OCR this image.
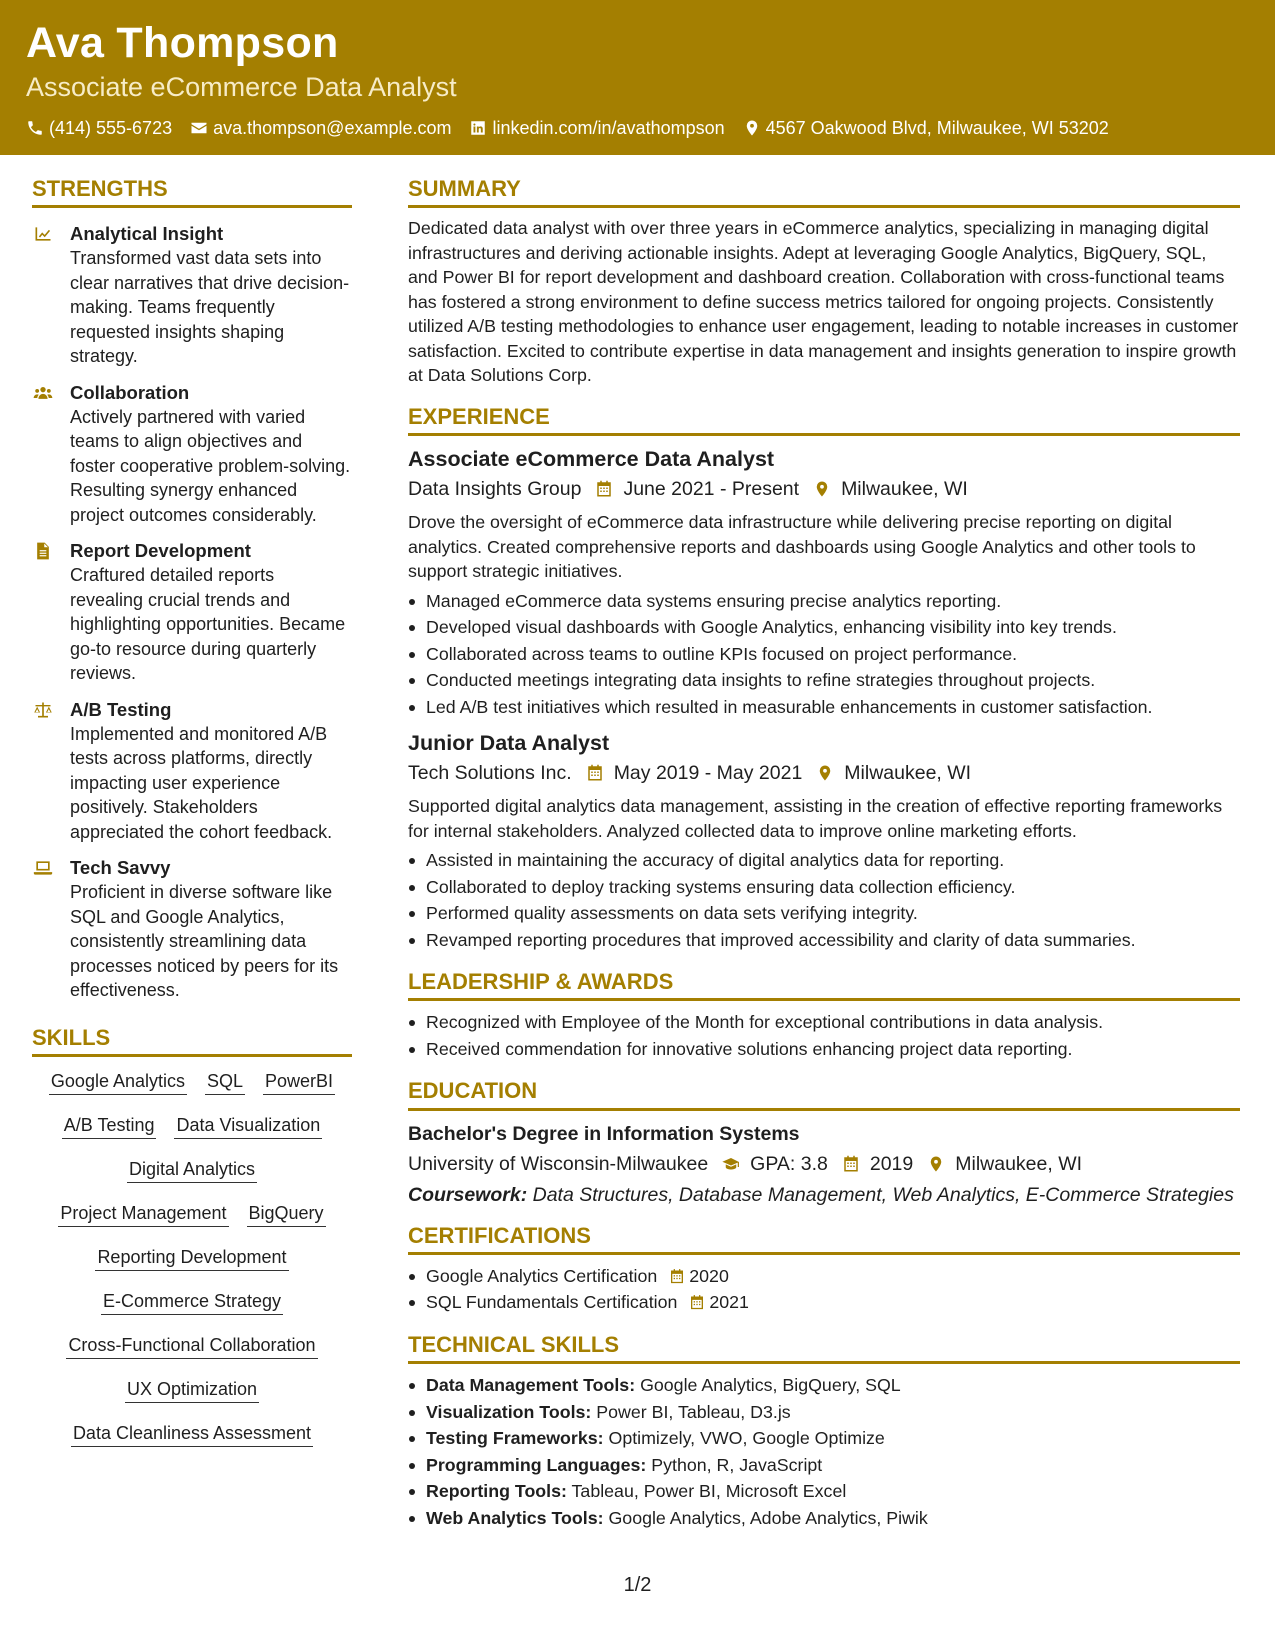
Ava Thompson
Associate eCommerce Data Analyst
(414) 555-6723 ava.thompson@example.com linkedin.com/in/avathompson 4567 Oakwood Blvd, Milwaukee, WI 53202
STRENGTHS
Analytical Insight
Transformed vast data sets into clear narratives that drive decision-making. Teams frequently requested insights shaping strategy.
Collaboration
Actively partnered with varied teams to align objectives and foster cooperative problem-solving. Resulting synergy enhanced project outcomes considerably.
Report Development
Craftured detailed reports revealing crucial trends and highlighting opportunities. Became go-to resource during quarterly reviews.
A/B Testing
Implemented and monitored A/B tests across platforms, directly impacting user experience positively. Stakeholders appreciated the cohort feedback.
Tech Savvy
Proficient in diverse software like SQL and Google Analytics, consistently streamlining data processes noticed by peers for its effectiveness.
SKILLS
Google Analytics SQL PowerBI
A/B Testing Data Visualization
Digital Analytics
Project Management BigQuery
Reporting Development
E-Commerce Strategy
Cross-Functional Collaboration
UX Optimization
Data Cleanliness Assessment
SUMMARY

Dedicated data analyst with over three years in eCommerce analytics, specializing in managing digital infrastructures and deriving actionable insights. Adept at leveraging Google Analytics, BigQuery, SQL, and Power BI for report development and dashboard creation. Collaboration with cross-functional teams has fostered a strong environment to define success metrics tailored for ongoing projects. Consistently utilized A/B testing methodologies to enhance user engagement, leading to notable increases in customer satisfaction. Excited to contribute expertise in data management and insights generation to inspire growth at Data Solutions Corp.

EXPERIENCE
Associate eCommerce Data Analyst
Data Insights Group June 2021 - Present Milwaukee, WI

Drove the oversight of eCommerce data infrastructure while delivering precise reporting on digital analytics. Created comprehensive reports and dashboards using Google Analytics and other tools to support strategic initiatives.

Managed eCommerce data systems ensuring precise analytics reporting.
Developed visual dashboards with Google Analytics, enhancing visibility into key trends.
Collaborated across teams to outline KPIs focused on project performance.
Conducted meetings integrating data insights to refine strategies throughout projects.
Led A/B test initiatives which resulted in measurable enhancements in customer satisfaction.
Junior Data Analyst
Tech Solutions Inc. May 2019 - May 2021 Milwaukee, WI

Supported digital analytics data management, assisting in the creation of effective reporting frameworks for internal stakeholders. Analyzed collected data to improve online marketing efforts.

Assisted in maintaining the accuracy of digital analytics data for reporting.
Collaborated to deploy tracking systems ensuring data collection efficiency.
Performed quality assessments on data sets verifying integrity.
Revamped reporting procedures that improved accessibility and clarity of data summaries.
LEADERSHIP & AWARDS
Recognized with Employee of the Month for exceptional contributions in data analysis.
Received commendation for innovative solutions enhancing project data reporting.
EDUCATION
Bachelor's Degree in Information Systems
University of Wisconsin-Milwaukee GPA: 3.8 2019 Milwaukee, WI
Coursework: Data Structures, Database Management, Web Analytics, E-Commerce Strategies
CERTIFICATIONS
Google Analytics Certification 2020
SQL Fundamentals Certification 2021
TECHNICAL SKILLS
Data Management Tools: Google Analytics, BigQuery, SQL
Visualization Tools: Power BI, Tableau, D3.js
Testing Frameworks: Optimizely, VWO, Google Optimize
Programming Languages: Python, R, JavaScript
Reporting Tools: Tableau, Power BI, Microsoft Excel
Web Analytics Tools: Google Analytics, Adobe Analytics, Piwik
1/2
